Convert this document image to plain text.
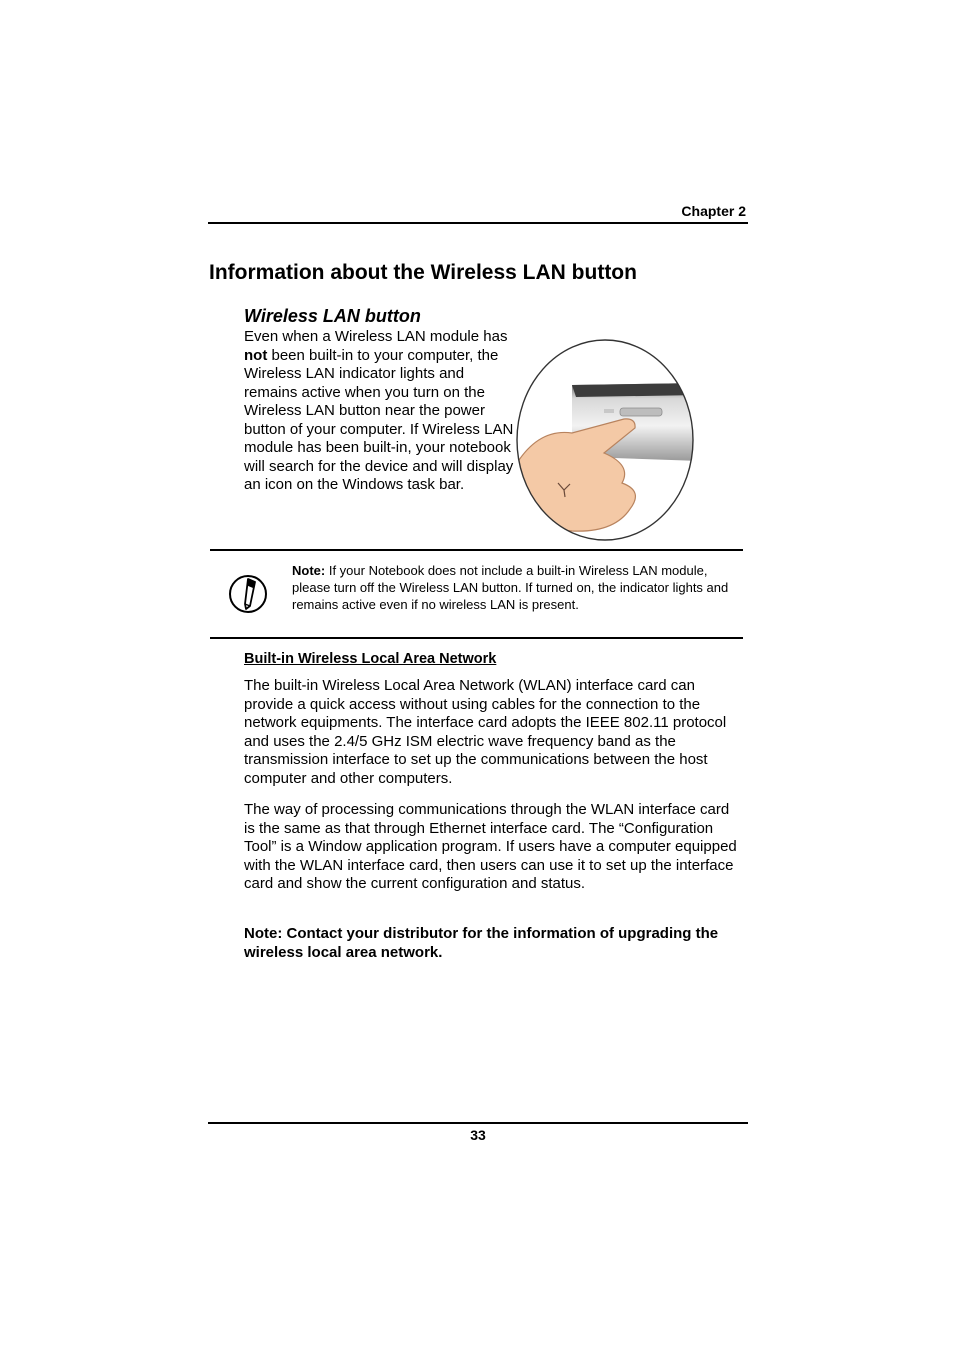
Chapter 2
Information about the Wireless LAN button
Wireless LAN button

Even when a Wireless LAN module has not been built-in to your computer, the Wireless LAN indicator lights and remains active when you turn on the Wireless LAN button near the power button of your computer. If Wireless LAN module has been built-in, your notebook will search for the device and will display an icon on the Windows task bar.

Note: If your Notebook does not include a built-in Wireless LAN module, please turn off the Wireless LAN button. If turned on, the indicator lights and remains active even if no wireless LAN is present.

Built-in Wireless Local Area Network

The built-in Wireless Local Area Network (WLAN) interface card can provide a quick access without using cables for the connection to the network equipments. The interface card adopts the IEEE 802.11 protocol and uses the 2.4/5 GHz ISM electric wave frequency band as the transmission interface to set up the communications between the host computer and other computers.

The way of processing communications through the WLAN interface card is the same as that through Ethernet interface card. The “Configuration Tool” is a Window application program. If users have a computer equipped with the WLAN interface card, then users can use it to set up the interface card and show the current configuration and status.

Note: Contact your distributor for the information of upgrading the wireless local area network.

33
